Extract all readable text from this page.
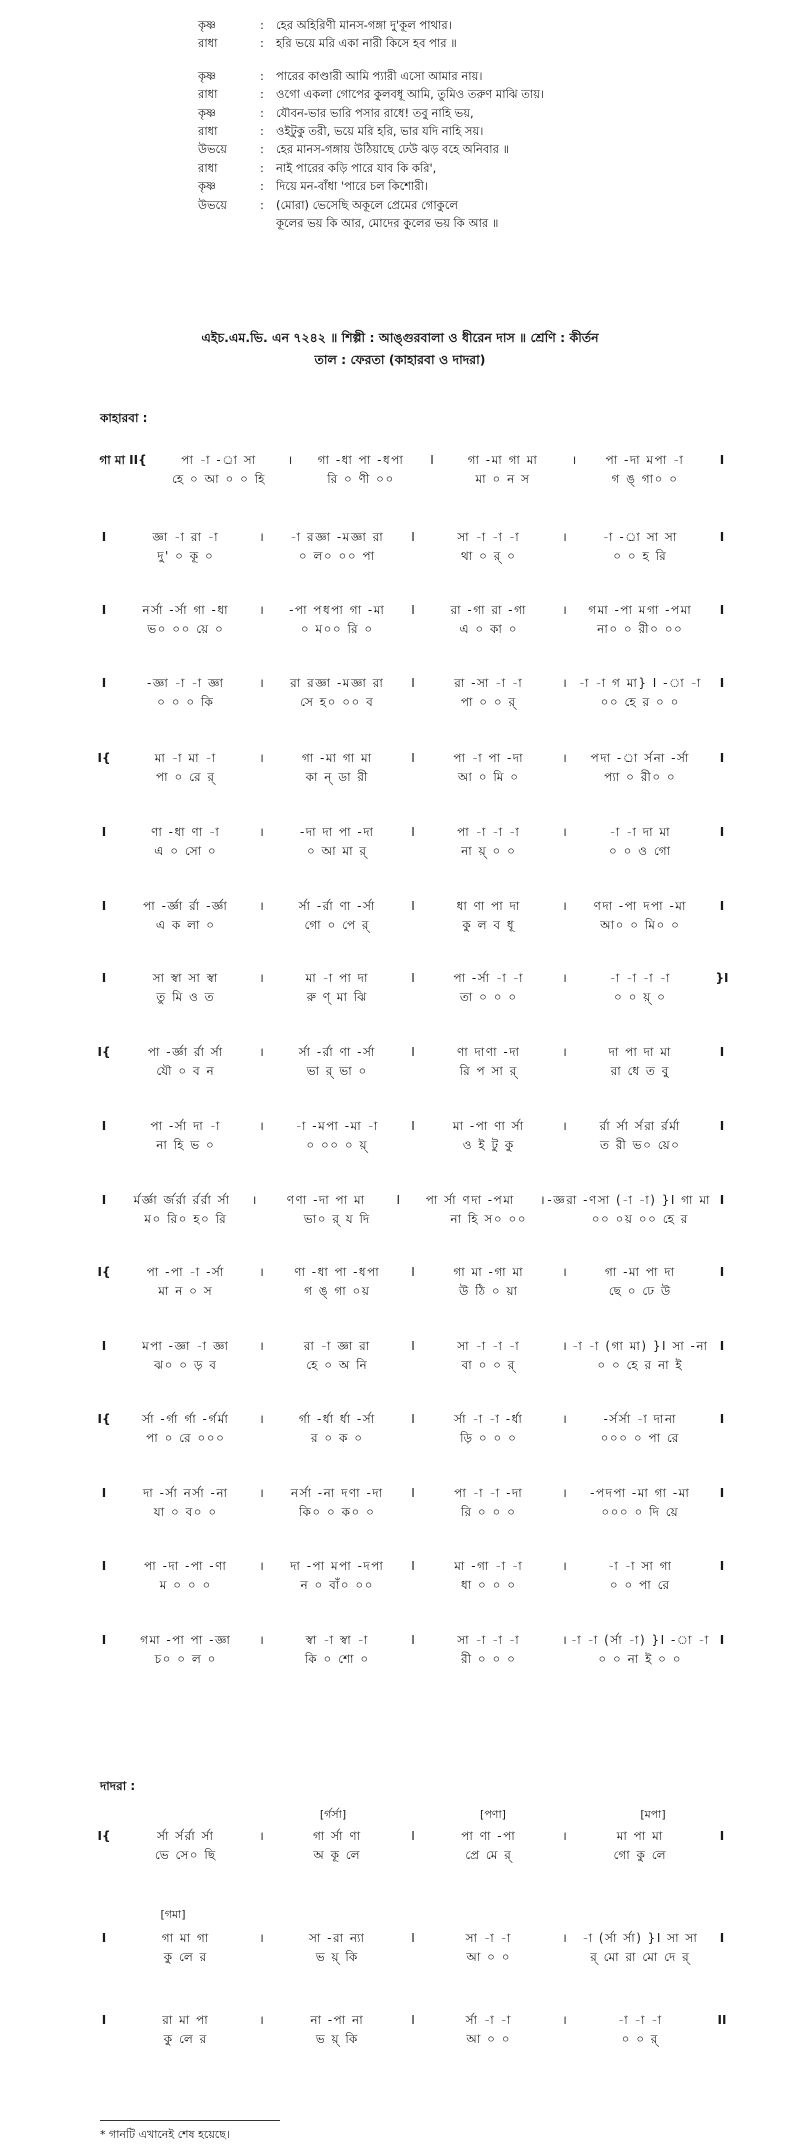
কৃষ্ণ	:	হের অহিরিণী মানস-গঙ্গা দু'কূল পাথার।
রাধা	:	হরি ভয়ে মরি একা নারী কিসে হব পার ॥
কৃষ্ণ	:	পারের কাণ্ডারী আমি প্যারী এসো আমার নায়।
রাধা	:	ওগো একলা গোপের কুলবধূ আমি, তুমিও তরুণ মাঝি তায়।
কৃষ্ণ	:	যৌবন-ভার ভারি পসার রাধে! তবু নাহি ভয়,
রাধা	:	ওইটুকু তরী, ভয়ে মরি হরি, ভার যদি নাহি সয়।
উভয়ে	:	হের মানস-গঙ্গায় উঠিয়াছে ঢেউ ঝড় বহে অনিবার ॥
রাধা	:	নাই পারের কড়ি পারে যাব কি করি',
কৃষ্ণ	:	দিয়ে মন-বাঁধা 'পারে চল কিশোরী।
উভয়ে	:	(মোরা) ভেসেছি অকূলে প্রেমের গোকুলে
কূলের ভয় কি আর, মোদের কুলের ভয় কি আর ॥
এইচ.এম.ভি. এন ৭২৪২ ॥ শিল্পী : আঙ্গুরবালা ও ধীরেন দাস ॥ শ্রেণি : কীর্তন
তাল : ফেরতা (কাহারবা ও দাদরা)
কাহারবা :
গা মা II{	পা -া -র্া সা	।	গা -ধা পা -ধপা	I	গা -মা গা মা	।	পা -দা মপা -া	I
হে ০ আ ০ ০ হি	রি ০ ণী ০০	মা ০ ন স	গ ঙ্ গা০ ০
I	জ্ঞা -া রা -া	।	-া রজ্ঞা -মজ্ঞা রা	I	সা -া -া -া	।	-া -র্া সা সা	I
দু' ০ কূ ০	০ ল০ ০০ পা	থা ০ র্ ০	০ ০ হ রি
I	নর্সা -র্সা গা -ধা	।	-পা পধপা গা -মা	I	রা -গা রা -গা	।	গমা -পা মগা -পমা	I
ভ০ ০০ য়ে ০	০ ম০০ রি ০	এ ০ কা ০	না০ ০ রী০ ০০
I	-জ্ঞা -া -া জ্ঞা	।	রা রজ্ঞা -মজ্ঞা রা	I	রা -সা -া -া	। -া -া গ মা} I -া -া	I
০ ০ ০ কি	সে হ০ ০০ ব	পা ০ ০ র্	০০ হে র ০ ০
I{	মা -া মা -া	।	গা -মা গা মা	I	পা -া পা -দা	।	পদা -র্া র্সনা -র্সা	I
পা ০ রে র্	কা ন্ ডা রী	আ ০ মি ০	প্যা ০ রী০ ০
I	ণা -ধা ণা -া	।	-দা দা পা -দা	I	পা -া -া -া	।	-া -া দা মা	I
এ ০ সো ০	০ আ মা র্	না য়্ ০ ০	০ ০ ও গো
I	পা -র্জ্ঞা র্রা -র্জ্ঞা	।	র্সা -র্রা ণা -র্সা	I	ধা ণা পা দা	।	ণদা -পা দপা -মা	I
এ ক লা ০	গো ০ পে র্	কু ল ব ধূ	আ০ ০ মি০ ০
I	সা স্বা সা স্বা	।	মা -া পা দা	I	পা -র্সা -া -া	।	-া -া -া -া	}I
তু মি ও ত	রু ণ্ মা ঝি	তা ০ ০ ০	০ ০ য়্ ০
I{	পা -র্জ্ঞা র্রা র্সা	।	র্সা -র্রা ণা -র্সা	I	ণা দাণা -দা	।	দা পা দা মা	I
যৌ ০ ব ন	ভা র্ ভা ০	রি প সা র্	রা ধে ত বু
I	পা -র্সা দা -া	।	-া -মপা -মা -া	I	মা -পা ণা র্সা	।	র্রা র্সা র্সরা র্রর্মা	I
না হি ভ ০	০ ০০ ০ য়্	ও ই টু কু	ত রী ভ০ য়ে০
I	র্মর্জ্ঞা র্জর্রা র্রর্রা র্সা	।	ণণা -দা পা মা	I	পা র্সা ণদা -পমা	। -জ্ঞরা -ণসা (-া -া) }I গা মা I
ম০ রি০ হ০ রি	ভা০ র্ য দি	না হি স০ ০০	০০ ০য় ০০ হে র
I{	পা -পা -া -র্সা	।	ণা -ধা পা -ধপা	I	গা মা -গা মা	।	গা -মা পা দা	I
মা ন ০ স	গ ঙ্ গা ০য়	উ ঠি ০ য়া	ছে ০ ঢে উ
I	মপা -জ্ঞা -া জ্ঞা	।	রা -া জ্ঞা রা	I	সা -া -া -া	। -া -া (গা মা) }I সা -না I
ঝ০ ০ ড় ব	হে ০ অ নি	বা ০ ০ র্	০ ০ হে র না ই
I{	র্সা -র্গা র্গা -র্গর্মা	।	র্গা -র্ধা র্ধা -র্সা	I	র্সা -া -া -র্ধা	।	-র্সর্সা -া দানা	I
পা ০ রে ০০০	র ০ ক ০	ড়ি ০ ০ ০	০০০ ০ পা রে
I	দা -র্সা নর্সা -না	।	নর্সা -না দণা -দা	I	পা -া -া -দা	।	-পদপা -মা গা -মা	I
যা ০ ব০ ০	কি০ ০ ক০ ০	রি ০ ০ ০	০০০ ০ দি য়ে
I	পা -দা -পা -ণা	।	দা -পা মপা -দপা	I	মা -গা -া -া	।	-া -া সা গা	I
ম ০ ০ ০	ন ০ বাঁ০ ০০	ধা ০ ০ ০	০ ০ পা রে
I	গমা -পা পা -জ্ঞা	।	স্বা -া স্বা -া	I	সা -া -া -া	। -া -া (র্সা -া) }I -া -া I
চ০ ০ ল ০	কি ০ শো ০	রী ০ ০ ০	০ ০ না ই ০ ০
দাদরা :
[র্গর্সা]	[পণা]	[মপা]
I{	র্সা র্সর্রা র্সা	।	গা র্সা ণা	I	পা ণা -পা	।	মা পা মা	I
ভে সে০ ছি	অ কূ লে	প্রে মে র্	গো কু লে
[গমা]
I	গা মা গা	।	সা -রা ন্যা	I	সা -া -া	।	-া (র্সা র্সা) }I সা সা	I
কু লে র	ভ য়্ কি	আ ০ ০	র্ মো রা মো দে র্
I	রা মা পা	।	না -পা না	I	র্সা -া -া	।	-া -া -া	II
কু লে র	ভ য়্ কি	আ ০ ০	০ ০ র্
* গানটি এখানেই শেষ হয়েছে।
